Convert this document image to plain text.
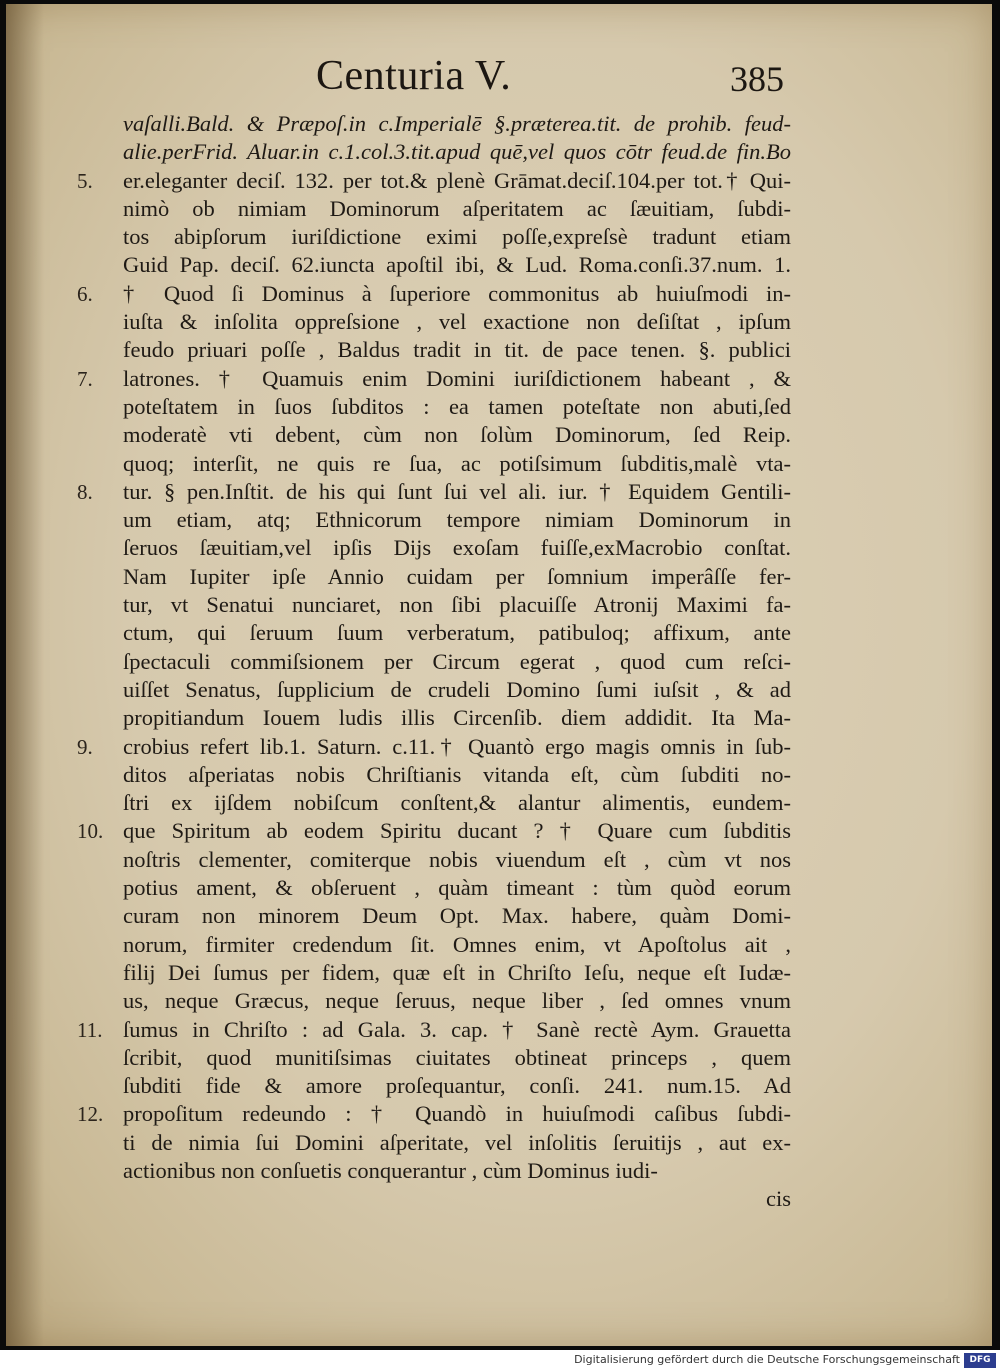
Centuria V.	385
vaſalli.Bald. & Præpoſ.in c.Imperialē §.præterea.tit. de prohib. feud-
alie.perFrid. Aluar.in c.1.col.3.tit.apud quē,vel quos cōtr feud.de fin.Bo
5.	er.eleganter deciſ. 132. per tot.& plenè Grāmat.deciſ.104.per tot.† Qui-
nimò ob nimiam Dominorum aſperitatem ac ſæuitiam, ſubdi-
tos abipſorum iuriſdictione eximi poſſe,expreſsè tradunt etiam
Guid Pap. deciſ. 62.iuncta apoſtil ibi, & Lud. Roma.conſi.37.num. 1.
6.	† Quod ſi Dominus à ſuperiore commonitus ab huiuſmodi in-
iuſta & inſolita oppreſsione , vel exactione non deſiſtat , ipſum
feudo priuari poſſe , Baldus tradit in tit. de pace tenen. §. publici
7.	latrones. † Quamuis enim Domini iuriſdictionem habeant , &
poteſtatem in ſuos ſubditos : ea tamen poteſtate non abuti,ſed
moderatè vti debent, cùm non ſolùm Dominorum, ſed Reip.
quoq; interſit, ne quis re ſua, ac potiſsimum ſubditis,malè vta-
8.	tur. § pen.Inſtit. de his qui ſunt ſui vel ali. iur. † Equidem Gentili-
um etiam, atq; Ethnicorum tempore nimiam Dominorum in
ſeruos ſæuitiam,vel ipſis Dijs exoſam fuiſſe,exMacrobio conſtat.
Nam Iupiter ipſe Annio cuidam per ſomnium imperâſſe fer-
tur, vt Senatui nunciaret, non ſibi placuiſſe Atronij Maximi fa-
ctum, qui ſeruum ſuum verberatum, patibuloq; affixum, ante
ſpectaculi commiſsionem per Circum egerat , quod cum reſci-
uiſſet Senatus, ſupplicium de crudeli Domino ſumi iuſsit , & ad
propitiandum Iouem ludis illis Circenſib. diem addidit. Ita Ma-
9.	crobius refert lib.1. Saturn. c.11.† Quantò ergo magis omnis in ſub-
ditos aſperiatas nobis Chriſtianis vitanda eſt, cùm ſubditi no-
ſtri ex ijſdem nobiſcum conſtent,& alantur alimentis, eundem-
10. que Spiritum ab eodem Spiritu ducant ? † Quare cum ſubditis
noſtris clementer, comiterque nobis viuendum eſt , cùm vt nos
potius ament, & obſeruent , quàm timeant : tùm quòd eorum
curam non minorem Deum Opt. Max. habere, quàm Domi-
norum, firmiter credendum ſit. Omnes enim, vt Apoſtolus ait ,
filij Dei ſumus per fidem, quæ eſt in Chriſto Ieſu, neque eſt Iudæ-
us, neque Græcus, neque ſeruus, neque liber , ſed omnes vnum
11. ſumus in Chriſto : ad Gala. 3. cap. † Sanè rectè Aym. Grauetta
ſcribit, quod munitiſsimas ciuitates obtineat princeps , quem
ſubditi fide & amore proſequantur, conſi. 241. num.15. Ad
12. propoſitum redeundo : † Quandò in huiuſmodi caſibus ſubdi-
ti de nimia ſui Domini aſperitate, vel inſolitis ſeruitijs , aut ex-
actionibus non conſuetis conquerantur , cùm Dominus iudi-
cis
Digitalisierung gefördert durch die Deutsche Forschungsgemeinschaft	DFG
